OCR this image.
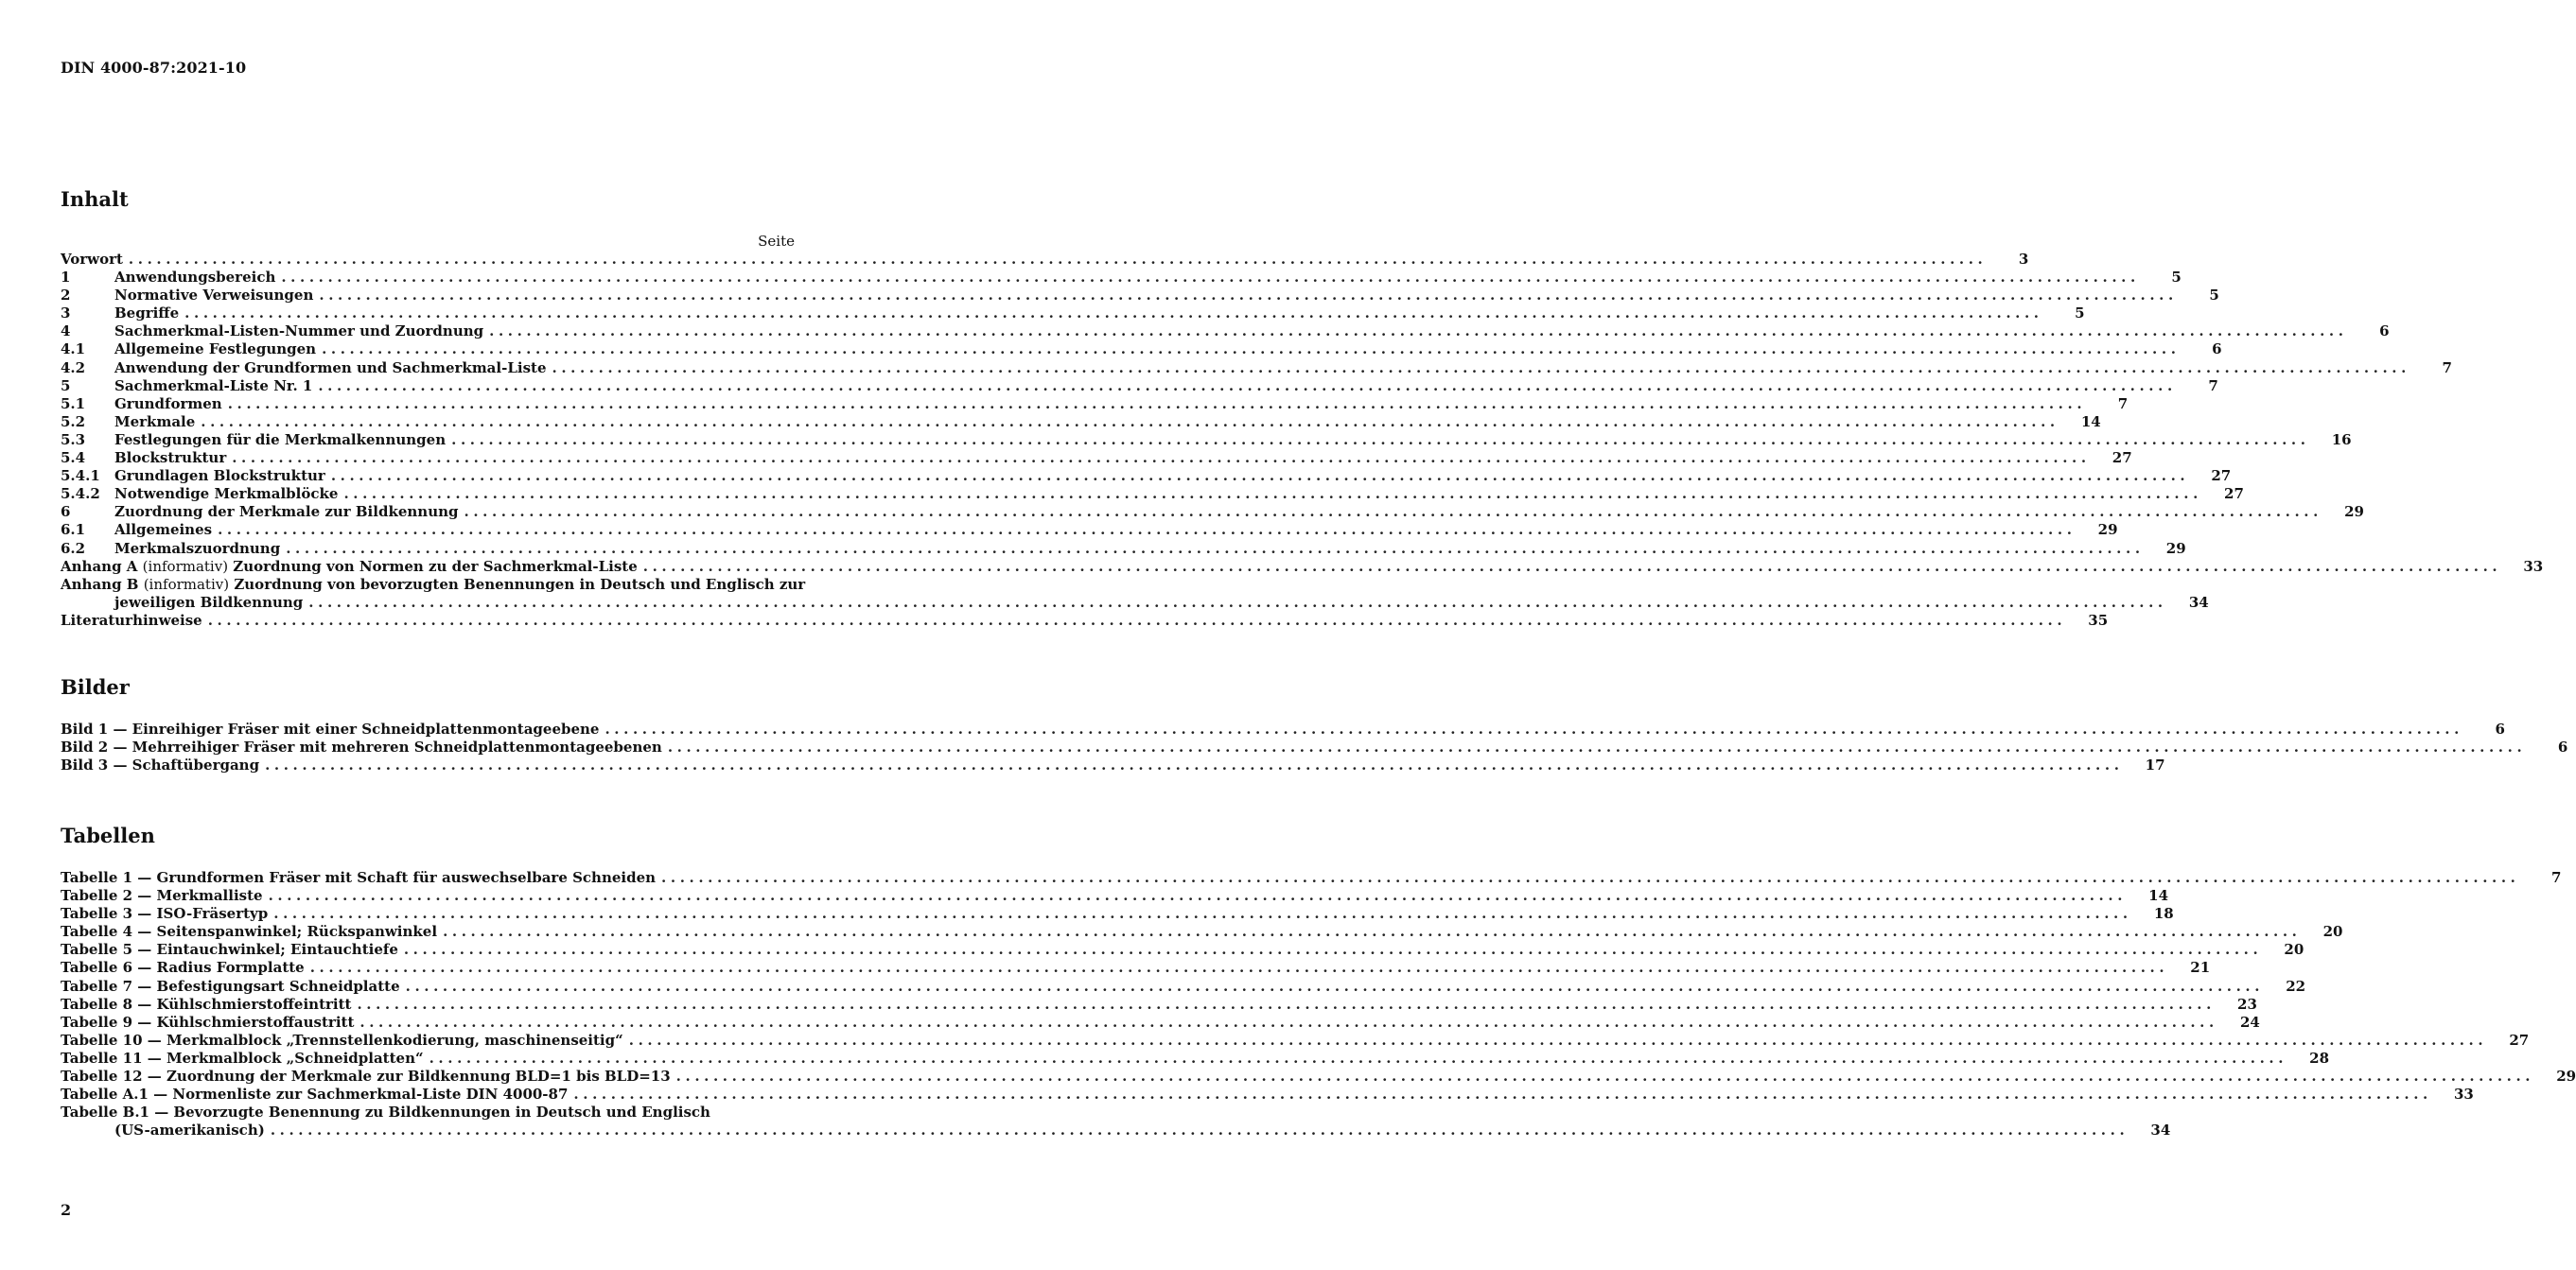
DIN 4000-87:2021-10
Inhalt
Seite
Vorwort ........................................................................................................................................................................................................	3
1	Anwendungsbereich ........................................................................................................................................................................................................	5
2	Normative Verweisungen ........................................................................................................................................................................................................	5
3	Begriffe ........................................................................................................................................................................................................	5
4	Sachmerkmal-Listen-Nummer und Zuordnung ........................................................................................................................................................................................................	6
4.1	Allgemeine Festlegungen ........................................................................................................................................................................................................	6
4.2	Anwendung der Grundformen und Sachmerkmal-Liste ........................................................................................................................................................................................................	7
5	Sachmerkmal-Liste Nr. 1 ........................................................................................................................................................................................................	7
5.1	Grundformen ........................................................................................................................................................................................................	7
5.2	Merkmale ........................................................................................................................................................................................................	14
5.3	Festlegungen für die Merkmalkennungen ........................................................................................................................................................................................................	16
5.4	Blockstruktur ........................................................................................................................................................................................................	27
5.4.1	Grundlagen Blockstruktur ........................................................................................................................................................................................................	27
5.4.2	Notwendige Merkmalblöcke ........................................................................................................................................................................................................	27
6	Zuordnung der Merkmale zur Bildkennung ........................................................................................................................................................................................................	29
6.1	Allgemeines ........................................................................................................................................................................................................	29
6.2	Merkmalszuordnung ........................................................................................................................................................................................................	29
Anhang A (informativ) Zuordnung von Normen zu der Sachmerkmal-Liste ........................................................................................................................................................................................................	33
Anhang B (informativ) Zuordnung von bevorzugten Benennungen in Deutsch und Englisch zur
jeweiligen Bildkennung ........................................................................................................................................................................................................	34
Literaturhinweise ........................................................................................................................................................................................................	35
Bilder
Bild 1 — Einreihiger Fräser mit einer Schneidplattenmontageebene ........................................................................................................................................................................................................	6
Bild 2 — Mehrreihiger Fräser mit mehreren Schneidplattenmontageebenen ........................................................................................................................................................................................................	6
Bild 3 — Schaftübergang ........................................................................................................................................................................................................	17
Tabellen
Tabelle 1 — Grundformen Fräser mit Schaft für auswechselbare Schneiden ........................................................................................................................................................................................................	7
Tabelle 2 — Merkmalliste ........................................................................................................................................................................................................	14
Tabelle 3 — ISO-Fräsertyp ........................................................................................................................................................................................................	18
Tabelle 4 — Seitenspanwinkel; Rückspanwinkel ........................................................................................................................................................................................................	20
Tabelle 5 — Eintauchwinkel; Eintauchtiefe ........................................................................................................................................................................................................	20
Tabelle 6 — Radius Formplatte ........................................................................................................................................................................................................	21
Tabelle 7 — Befestigungsart Schneidplatte ........................................................................................................................................................................................................	22
Tabelle 8 — Kühlschmierstoffeintritt ........................................................................................................................................................................................................	23
Tabelle 9 — Kühlschmierstoffaustritt ........................................................................................................................................................................................................	24
Tabelle 10 — Merkmalblock „Trennstellenkodierung, maschinenseitig“ ........................................................................................................................................................................................................	27
Tabelle 11 — Merkmalblock „Schneidplatten“ ........................................................................................................................................................................................................	28
Tabelle 12 — Zuordnung der Merkmale zur Bildkennung BLD=1 bis BLD=13 ........................................................................................................................................................................................................	29
Tabelle A.1 — Normenliste zur Sachmerkmal-Liste DIN 4000-87 ........................................................................................................................................................................................................	33
Tabelle B.1 — Bevorzugte Benennung zu Bildkennungen in Deutsch und Englisch
(US-amerikanisch) ........................................................................................................................................................................................................	34
2
